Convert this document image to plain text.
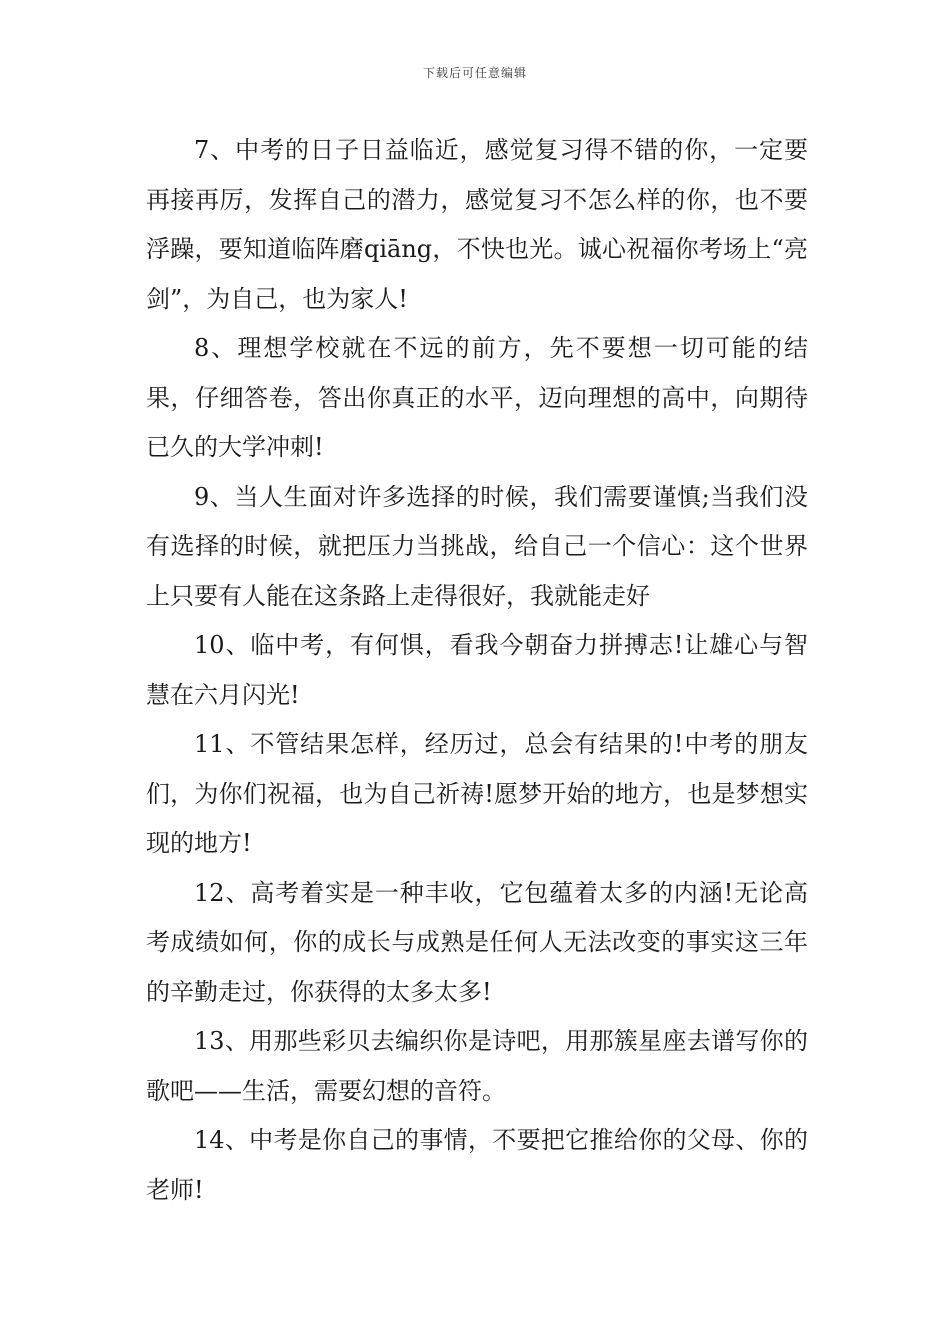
下载后可任意编辑

7、中考的日子日益临近，感觉复习得不错的你，一定要再接再厉，发挥自己的潜力，感觉复习不怎么样的你，也不要浮躁，要知道临阵磨qiāng，不快也光。诚心祝福你考场上“亮剑”，为自己，也为家人!

8、理想学校就在不远的前方，先不要想一切可能的结果，仔细答卷，答出你真正的水平，迈向理想的高中，向期待已久的大学冲刺!

9、当人生面对许多选择的时候，我们需要谨慎;当我们没有选择的时候，就把压力当挑战，给自己一个信心：这个世界上只要有人能在这条路上走得很好，我就能走好

10、临中考，有何惧，看我今朝奋力拼搏志!让雄心与智慧在六月闪光!

11、不管结果怎样，经历过，总会有结果的!中考的朋友们，为你们祝福，也为自己祈祷!愿梦开始的地方，也是梦想实现的地方!

12、高考着实是一种丰收，它包蕴着太多的内涵!无论高考成绩如何，你的成长与成熟是任何人无法改变的事实这三年的辛勤走过，你获得的太多太多!

13、用那些彩贝去编织你是诗吧，用那簇星座去谱写你的歌吧——生活，需要幻想的音符。

14、中考是你自己的事情，不要把它推给你的父母、你的老师!
